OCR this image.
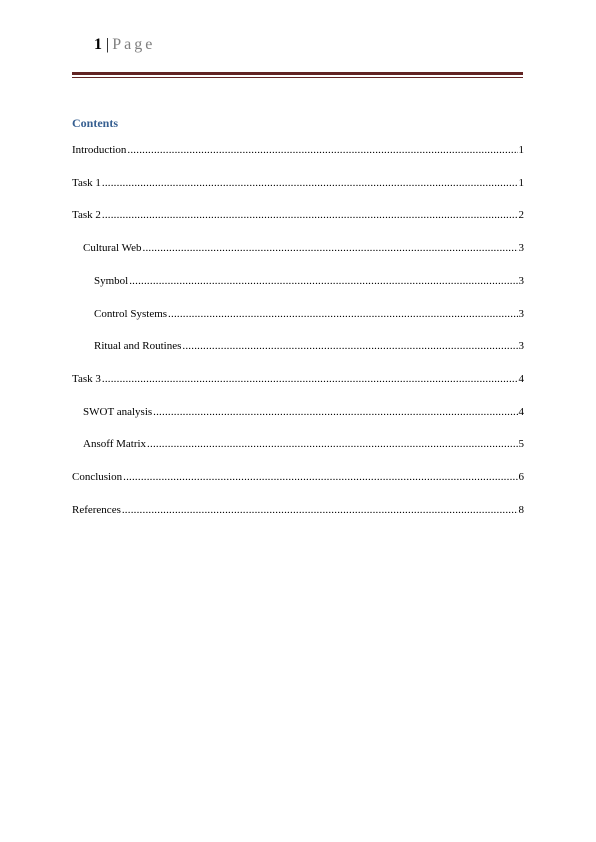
1 | Page
Contents
Introduction .....	1
Task 1 .....	1
Task 2 .....	2
Cultural Web .....	3
Symbol .....	3
Control Systems .....	3
Ritual and Routines .....	3
Task 3 .....	4
SWOT analysis .....	4
Ansoff Matrix .....	5
Conclusion .....	6
References .....	8
